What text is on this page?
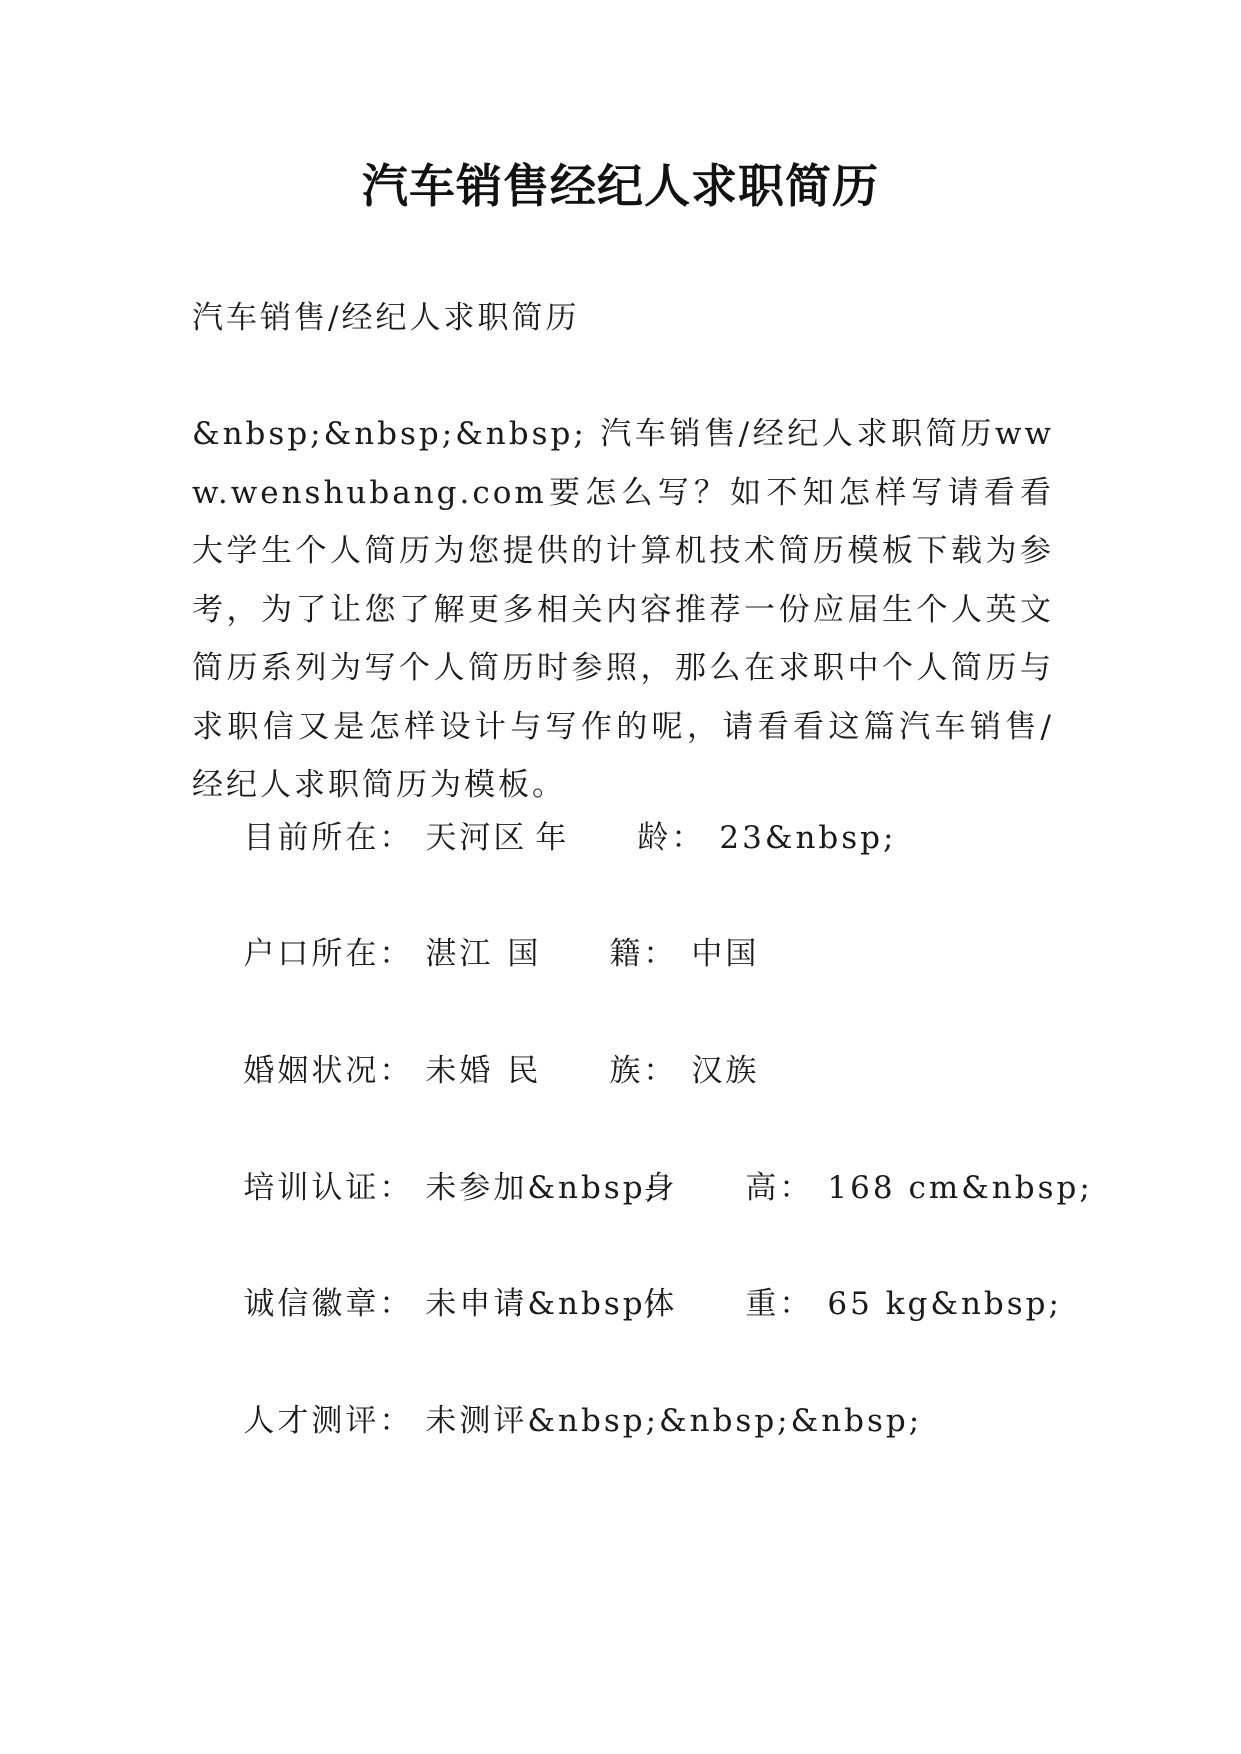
汽车销售经纪人求职简历
汽车销售/经纪人求职简历
&nbsp;&nbsp;&nbsp; 汽车销售/经纪人求职简历www.wenshubang.com要怎么写？如不知怎样写请看看大学生个人简历为您提供的计算机技术简历模板下载为参考，为了让您了解更多相关内容推荐一份应届生个人英文简历系列为写个人简历时参照，那么在求职中个人简历与求职信又是怎样设计与写作的呢，请看看这篇汽车销售/经纪人求职简历为模板。

目前所在： 天河区 年　　龄： 23&nbsp;

户口所在： 湛江 国　　籍： 中国

婚姻状况： 未婚 民　　族： 汉族

培训认证： 未参加&nbsp;身　　高： 168 cm&nbsp;

诚信徽章： 未申请&nbsp;体　　重： 65 kg&nbsp;

人才测评： 未测评&nbsp;&nbsp;&nbsp;
